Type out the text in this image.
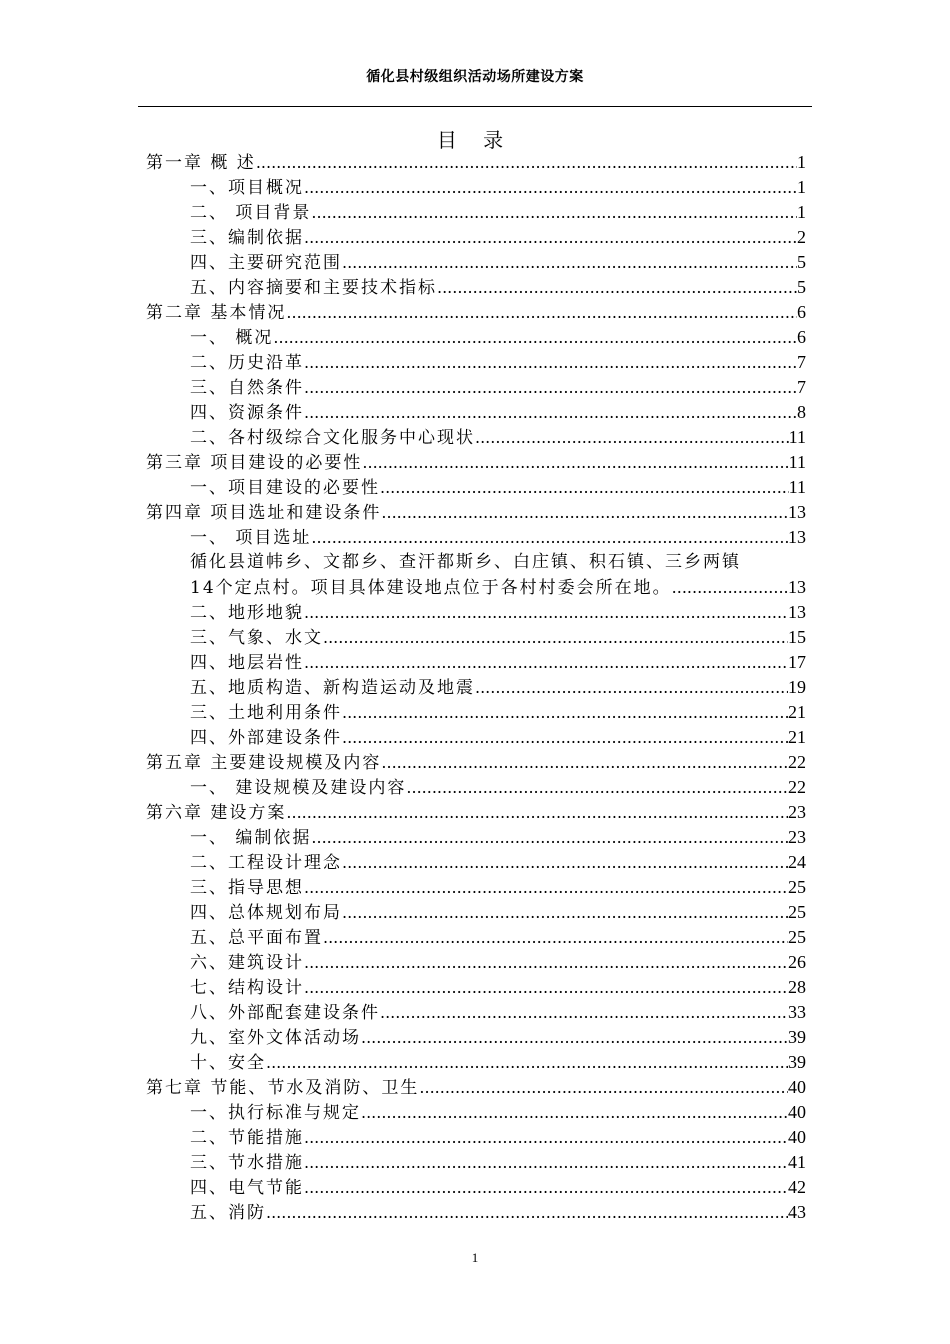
循化县村级组织活动场所建设方案
目 录
第一章 概 述 .....	1
一、项目概况 .....	1
二、 项目背景 .....	1
三、编制依据 .....	2
四、主要研究范围 .....	5
五、内容摘要和主要技术指标 .....	5
第二章 基本情况 .....	6
一、 概况 .....	6
二、历史沿革 .....	7
三、自然条件 .....	7
四、资源条件 .....	8
二、各村级综合文化服务中心现状 .....	11
第三章 项目建设的必要性 .....	11
一、项目建设的必要性 .....	11
第四章 项目选址和建设条件 .....	13
一、 项目选址 .....	13
循化县道帏乡、文都乡、查汗都斯乡、白庄镇、积石镇、三乡两镇
14个定点村。项目具体建设地点位于各村村委会所在地。 .....	13
二、地形地貌 .....	13
三、气象、水文 .....	15
四、地层岩性 .....	17
五、地质构造、新构造运动及地震 .....	19
三、土地利用条件 .....	21
四、外部建设条件 .....	21
第五章 主要建设规模及内容 .....	22
一、 建设规模及建设内容 .....	22
第六章 建设方案 .....	23
一、 编制依据 .....	23
二、工程设计理念 .....	24
三、指导思想 .....	25
四、总体规划布局 .....	25
五、总平面布置 .....	25
六、建筑设计 .....	26
七、结构设计 .....	28
八、外部配套建设条件 .....	33
九、室外文体活动场 .....	39
十、安全 .....	39
第七章 节能、节水及消防、卫生 .....	40
一、执行标准与规定 .....	40
二、节能措施 .....	40
三、节水措施 .....	41
四、电气节能 .....	42
五、消防 .....	43
1
